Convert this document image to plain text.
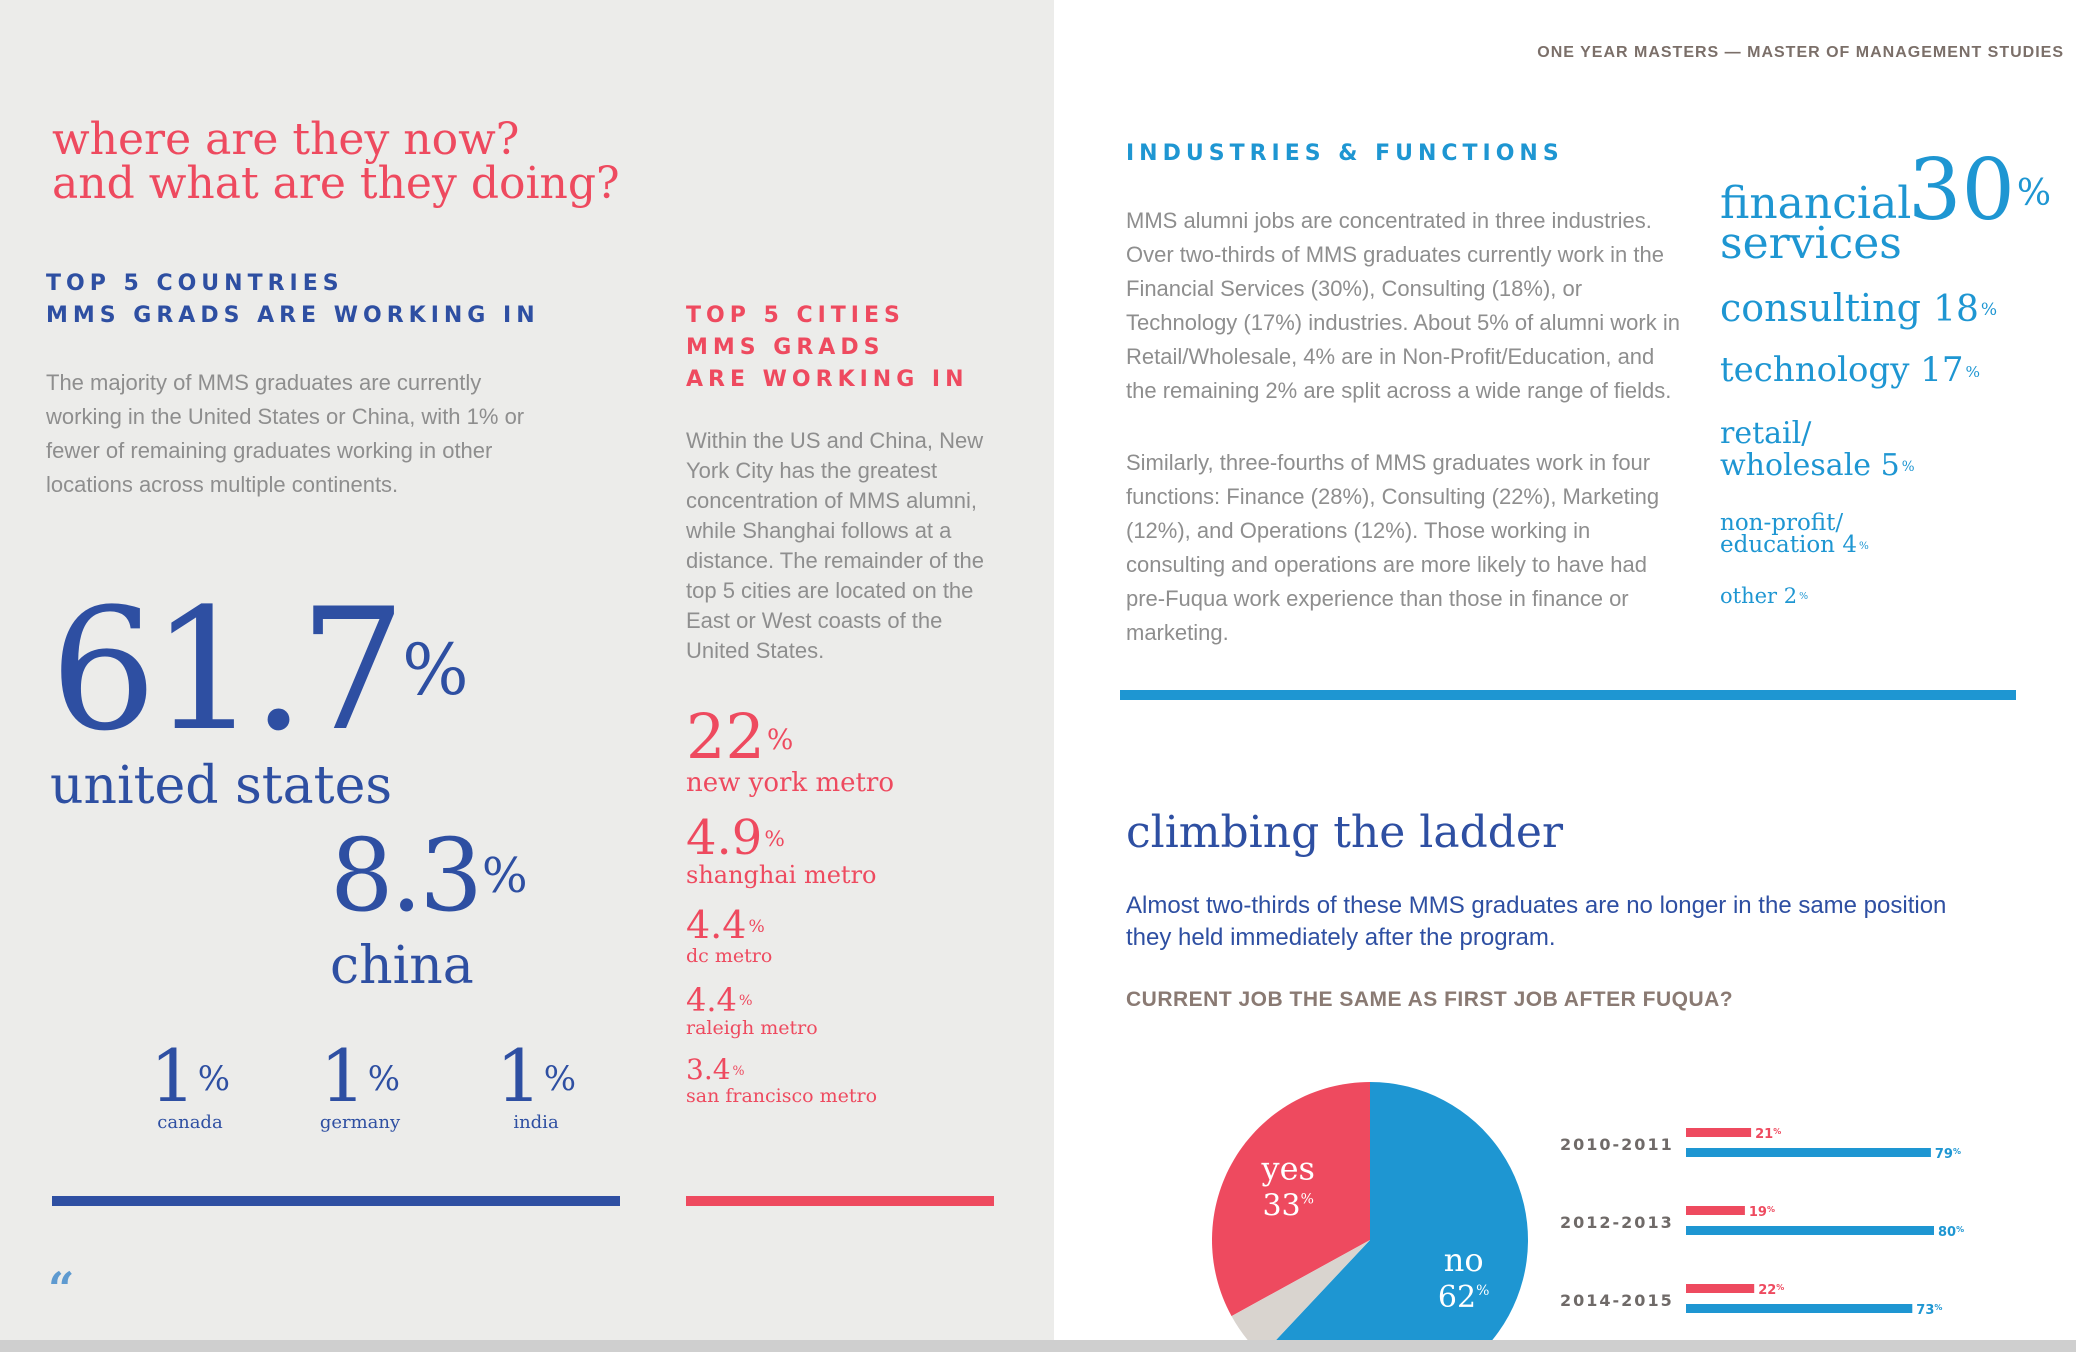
ONE YEAR MASTERS — MASTER OF MANAGEMENT STUDIES
where are they now?
and what are they doing?
TOP 5 COUNTRIES
MMS GRADS ARE WORKING IN
The majority of MMS graduates are currently working in the United States or China, with 1% or fewer of remaining graduates working in other locations across multiple continents.
61.7%
united states
8.3%
china
1%
canada
1%
germany
1%
india
“
TOP 5 CITIES
MMS GRADS
ARE WORKING IN
Within the US and China, New York City has the greatest concentration of MMS alumni, while Shanghai follows at a distance. The remainder of the top 5 cities are located on the East or West coasts of the United States.
22%
new york metro
4.9%
shanghai metro
4.4 %
dc metro
4.4 %
raleigh metro
3.4 %
san francisco metro
INDUSTRIES & FUNCTIONS
MMS alumni jobs are concentrated in three industries. Over two-thirds of MMS graduates currently work in the Financial Services (30%), Consulting (18%), or Technology (17%) industries. About 5% of alumni work in Retail/Wholesale, 4% are in Non-Profit/Education, and the remaining 2% are split across a wide range of fields.
Similarly, three-fourths of MMS graduates work in four functions: Finance (28%), Consulting (22%), Marketing (12%), and Operations (12%). Those working in consulting and operations are more likely to have had pre-Fuqua work experience than those in finance or marketing.
financial
services
30%
consulting 18 %
technology 17 %
retail/
wholesale 5 %
non-profit/
education 4 %
other 2 %
climbing the ladder
Almost two-thirds of these MMS graduates are no longer in the same position they held immediately after the program.
CURRENT JOB THE SAME AS FIRST JOB AFTER FUQUA?
yes
33%
no
62%
2010-2011
21%
79%
2012-2013
19%
80%
2014-2015
22%
73%
